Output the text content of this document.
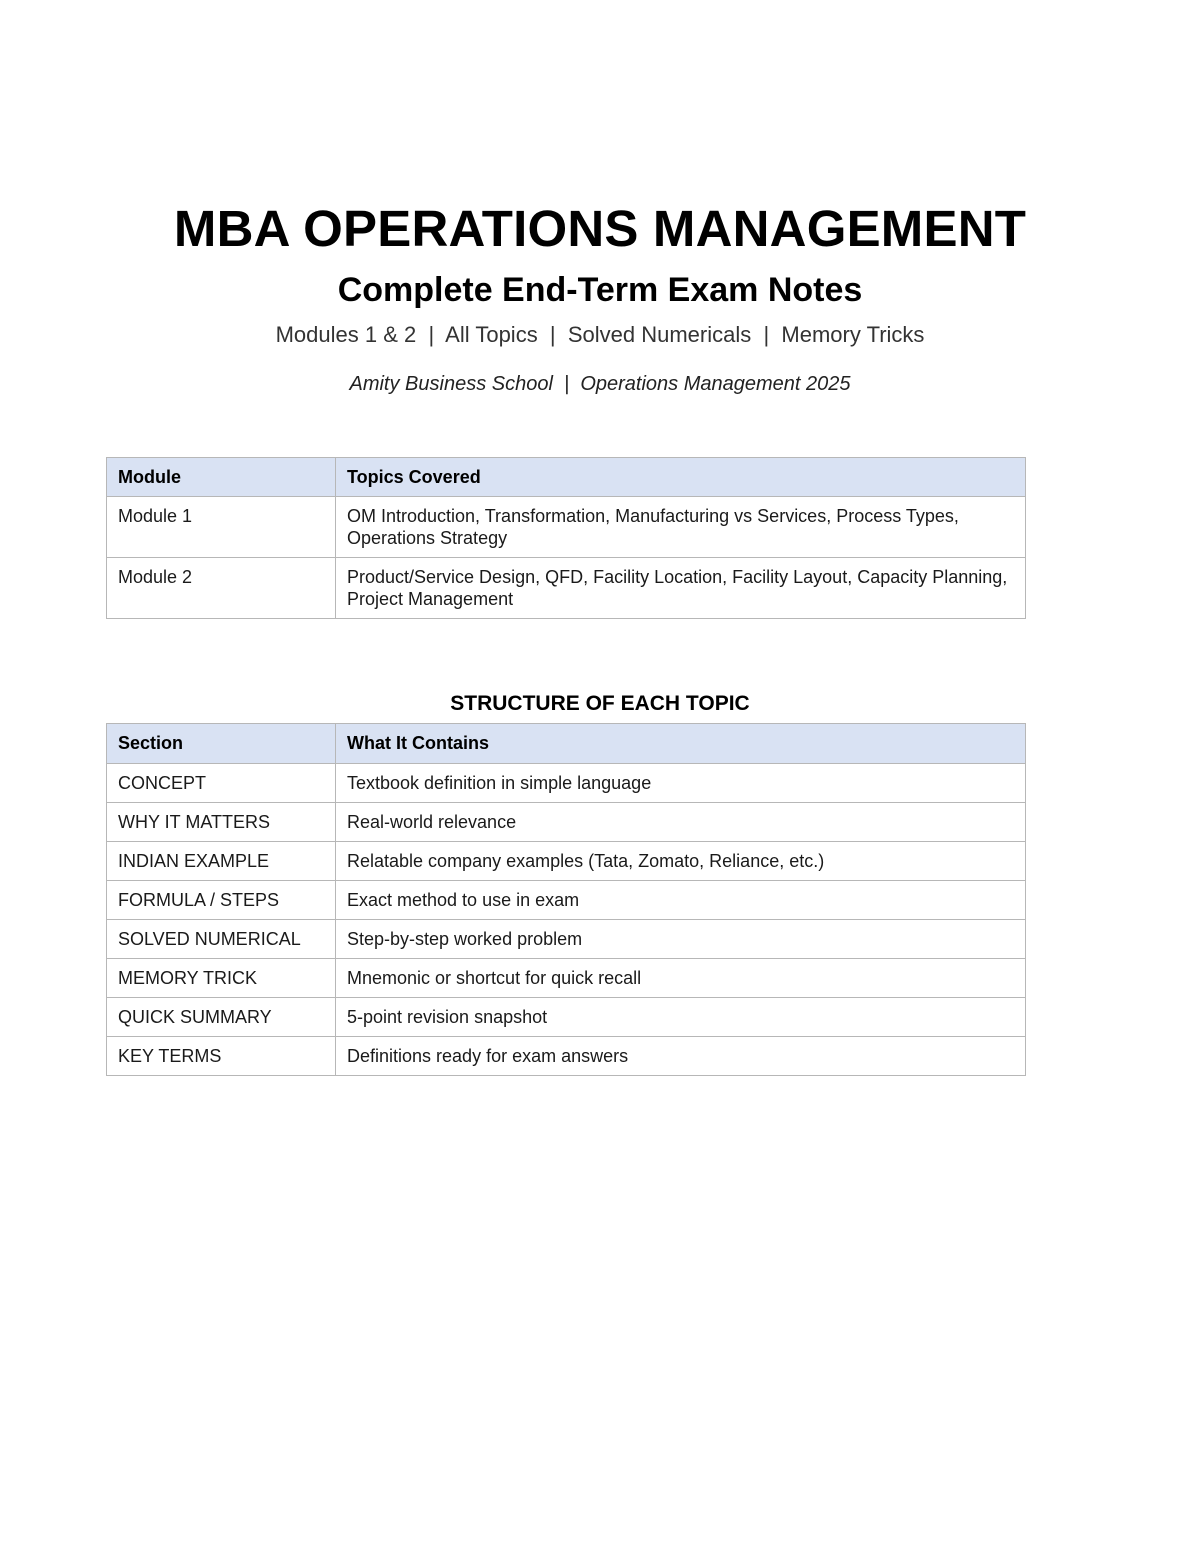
MBA OPERATIONS MANAGEMENT
Complete End-Term Exam Notes

Modules 1 & 2  |  All Topics  |  Solved Numericals  |  Memory Tricks

Amity Business School  |  Operations Management 2025

Module	Topics Covered
Module 1	OM Introduction, Transformation, Manufacturing vs Services, Process Types, Operations Strategy
Module 2	Product/Service Design, QFD, Facility Location, Facility Layout, Capacity Planning, Project Management
STRUCTURE OF EACH TOPIC
Section	What It Contains
CONCEPT	Textbook definition in simple language
WHY IT MATTERS	Real-world relevance
INDIAN EXAMPLE	Relatable company examples (Tata, Zomato, Reliance, etc.)
FORMULA / STEPS	Exact method to use in exam
SOLVED NUMERICAL	Step-by-step worked problem
MEMORY TRICK	Mnemonic or shortcut for quick recall
QUICK SUMMARY	5-point revision snapshot
KEY TERMS	Definitions ready for exam answers
